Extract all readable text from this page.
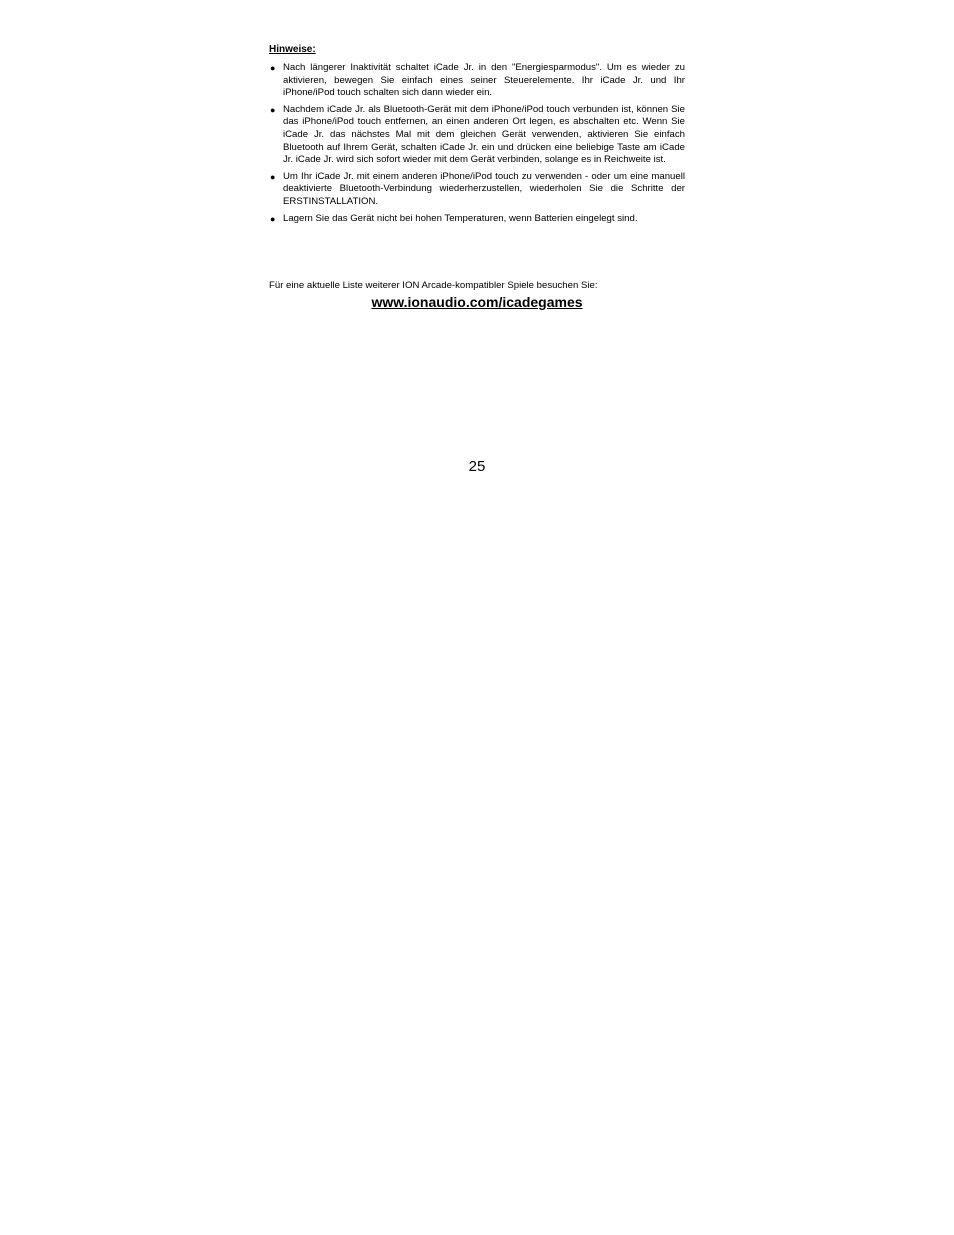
Hinweise:
● Nach längerer Inaktivität schaltet iCade Jr. in den "Energiesparmodus". Um es wieder zu aktivieren, bewegen Sie einfach eines seiner Steuerelemente. Ihr iCade Jr. und Ihr iPhone/iPod touch schalten sich dann wieder ein.
● Nachdem iCade Jr. als Bluetooth-Gerät mit dem iPhone/iPod touch verbunden ist, können Sie das iPhone/iPod touch entfernen, an einen anderen Ort legen, es abschalten etc. Wenn Sie iCade Jr. das nächstes Mal mit dem gleichen Gerät verwenden, aktivieren Sie einfach Bluetooth auf Ihrem Gerät, schalten iCade Jr. ein und drücken eine beliebige Taste am iCade Jr. iCade Jr. wird sich sofort wieder mit dem Gerät verbinden, solange es in Reichweite ist.
● Um Ihr iCade Jr. mit einem anderen iPhone/iPod touch zu verwenden - oder um eine manuell deaktivierte Bluetooth-Verbindung wiederherzustellen, wiederholen Sie die Schritte der ERSTINSTALLATION.
● Lagern Sie das Gerät nicht bei hohen Temperaturen, wenn Batterien eingelegt sind.
Für eine aktuelle Liste weiterer ION Arcade-kompatibler Spiele besuchen Sie:
www.ionaudio.com/icadegames
25
